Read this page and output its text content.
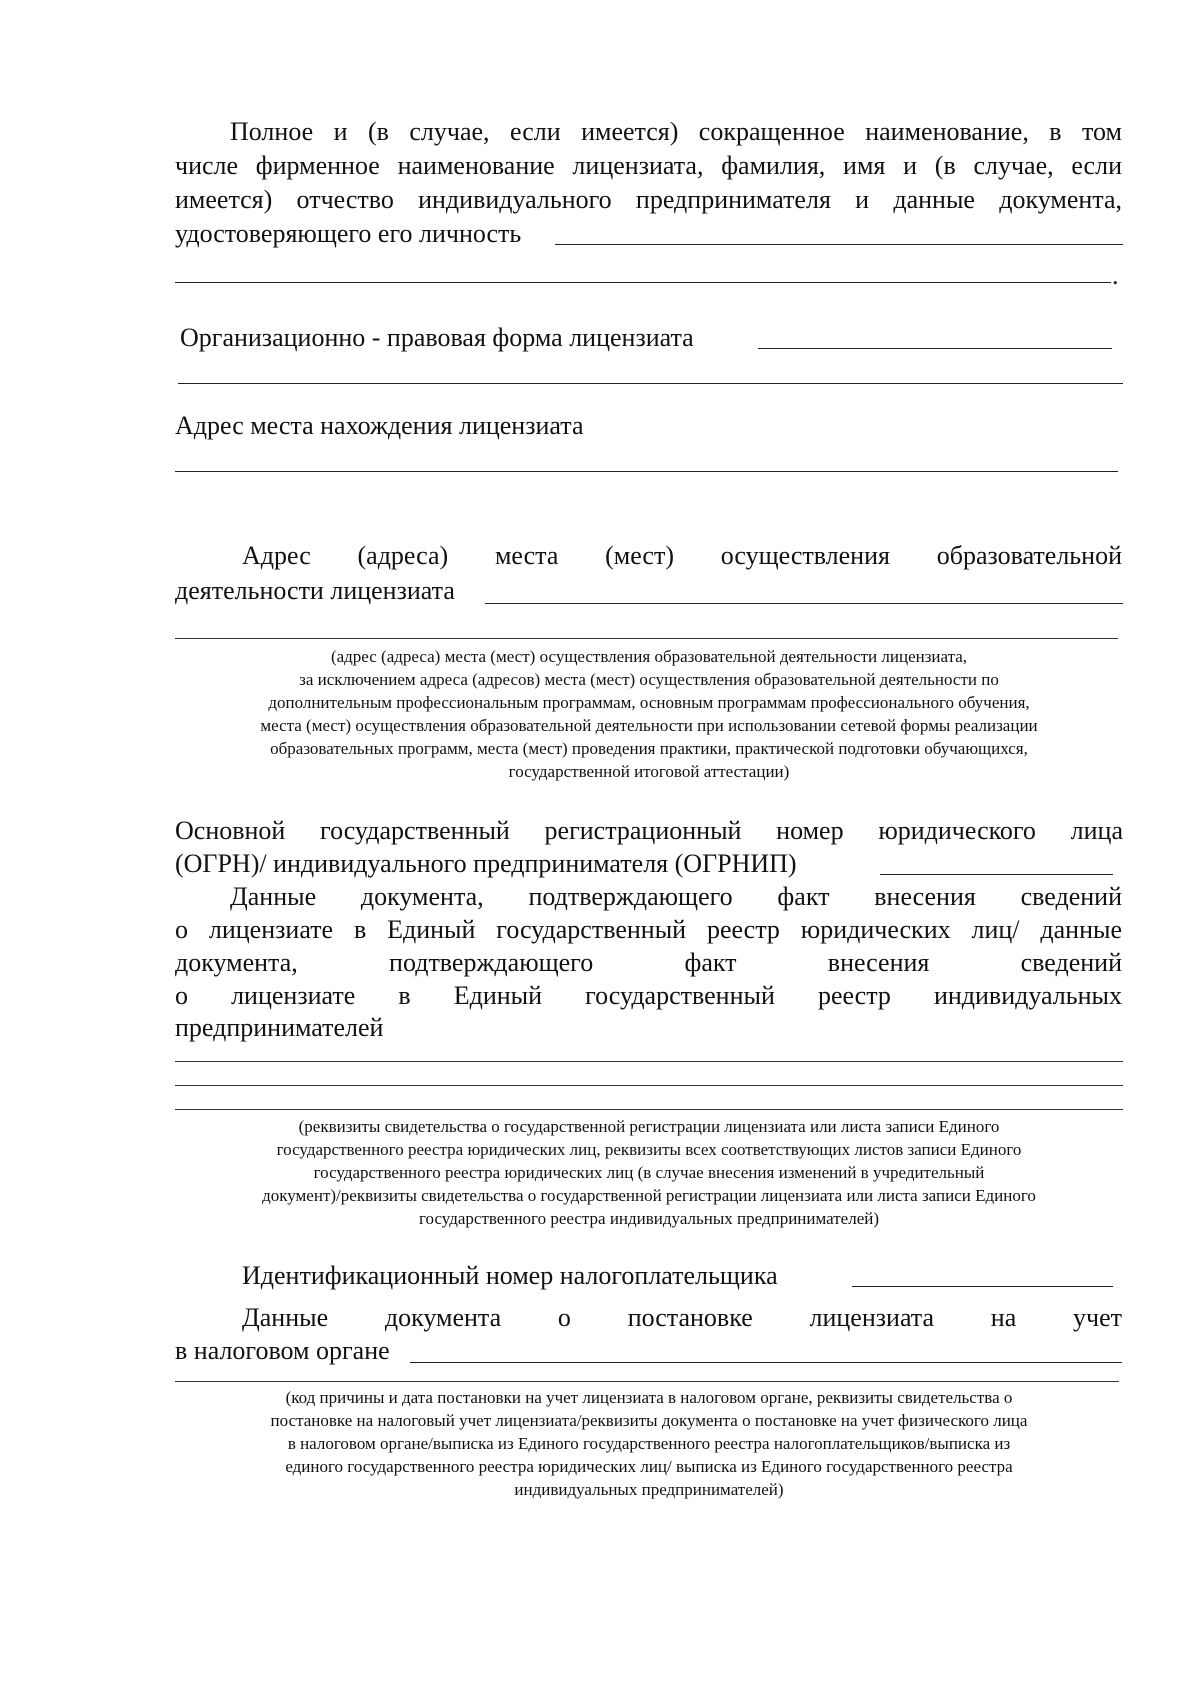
Полное и (в случае, если имеется) сокращенное наименование, в том
числе фирменное наименование лицензиата, фамилия, имя и (в случае, если
имеется) отчество индивидуального предпринимателя и данные документа,
удостоверяющего его личность
.
Организационно - правовая форма лицензиата
Адрес места нахождения лицензиата
Адрес (адреса) места (мест) осуществления образовательной
деятельности лицензиата
(адрес (адреса) места (мест) осуществления образовательной деятельности лицензиата,
за исключением адреса (адресов) места (мест) осуществления образовательной деятельности по
дополнительным профессиональным программам, основным программам профессионального обучения,
места (мест) осуществления образовательной деятельности при использовании сетевой формы реализации
образовательных программ, места (мест) проведения практики, практической подготовки обучающихся,
государственной итоговой аттестации)
Основной государственный регистрационный номер юридического лица
(ОГРН)/ индивидуального предпринимателя (ОГРНИП)
Данные документа, подтверждающего факт внесения сведений
о лицензиате в Единый государственный реестр юридических лиц/ данные
документа, подтверждающего факт внесения сведений
о лицензиате в Единый государственный реестр индивидуальных
предпринимателей
(реквизиты свидетельства о государственной регистрации лицензиата или листа записи Единого
государственного реестра юридических лиц, реквизиты всех соответствующих листов записи Единого
государственного реестра юридических лиц (в случае внесения изменений в учредительный
документ)/реквизиты свидетельства о государственной регистрации лицензиата или листа записи Единого
государственного реестра индивидуальных предпринимателей)
Идентификационный номер налогоплательщика
Данные документа о постановке лицензиата на учет
в налоговом органе
(код причины и дата постановки на учет лицензиата в налоговом органе, реквизиты свидетельства о
постановке на налоговый учет лицензиата/реквизиты документа о постановке на учет физического лица
в налоговом органе/выписка из Единого государственного реестра налогоплательщиков/выписка из
единого государственного реестра юридических лиц/ выписка из Единого государственного реестра
индивидуальных предпринимателей)
